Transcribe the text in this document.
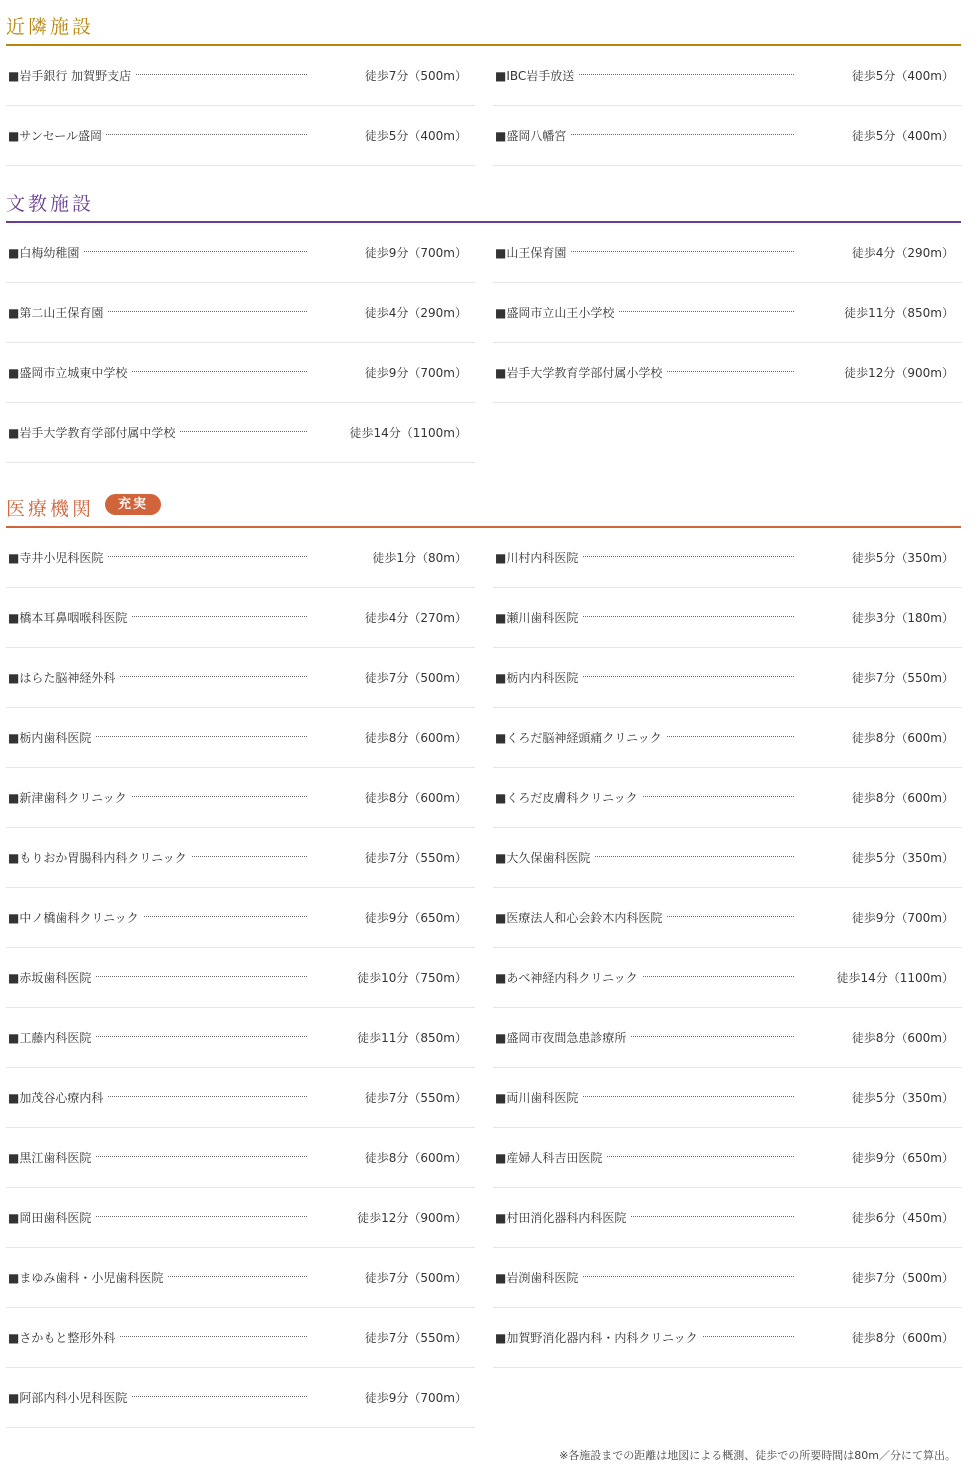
近隣施設
■岩手銀行 加賀野支店	徒歩7分（500m） ■IBC岩手放送	徒歩5分（400m）
■サンセール盛岡	徒歩5分（400m） ■盛岡八幡宮	徒歩5分（400m）
文教施設
■白梅幼稚園	徒歩9分（700m） ■山王保育園	徒歩4分（290m）
■第二山王保育園	徒歩4分（290m） ■盛岡市立山王小学校	徒歩11分（850m）
■盛岡市立城東中学校	徒歩9分（700m） ■岩手大学教育学部付属小学校	徒歩12分（900m）
■岩手大学教育学部付属中学校	徒歩14分（1100m）
医療機関	充実
■寺井小児科医院	徒歩1分（80m） ■川村内科医院	徒歩5分（350m）
■橋本耳鼻咽喉科医院	徒歩4分（270m） ■瀬川歯科医院	徒歩3分（180m）
■はらた脳神経外科	徒歩7分（500m） ■栃内内科医院	徒歩7分（550m）
■栃内歯科医院	徒歩8分（600m） ■くろだ脳神経頭痛クリニック	徒歩8分（600m）
■新津歯科クリニック	徒歩8分（600m） ■くろだ皮膚科クリニック	徒歩8分（600m）
■もりおか胃腸科内科クリニック	徒歩7分（550m） ■大久保歯科医院	徒歩5分（350m）
■中ノ橋歯科クリニック	徒歩9分（650m） ■医療法人和心会鈴木内科医院	徒歩9分（700m）
■赤坂歯科医院	徒歩10分（750m） ■あべ神経内科クリニック	徒歩14分（1100m）
■工藤内科医院	徒歩11分（850m） ■盛岡市夜間急患診療所	徒歩8分（600m）
■加茂谷心療内科	徒歩7分（550m） ■両川歯科医院	徒歩5分（350m）
■黒江歯科医院	徒歩8分（600m） ■産婦人科吉田医院	徒歩9分（650m）
■岡田歯科医院	徒歩12分（900m） ■村田消化器科内科医院	徒歩6分（450m）
■まゆみ歯科・小児歯科医院	徒歩7分（500m） ■岩渕歯科医院	徒歩7分（500m）
■さかもと整形外科	徒歩7分（550m） ■加賀野消化器内科・内科クリニック	徒歩8分（600m）
■阿部内科小児科医院	徒歩9分（700m）
※各施設までの距離は地図による概測、徒歩での所要時間は80m／分にて算出。
